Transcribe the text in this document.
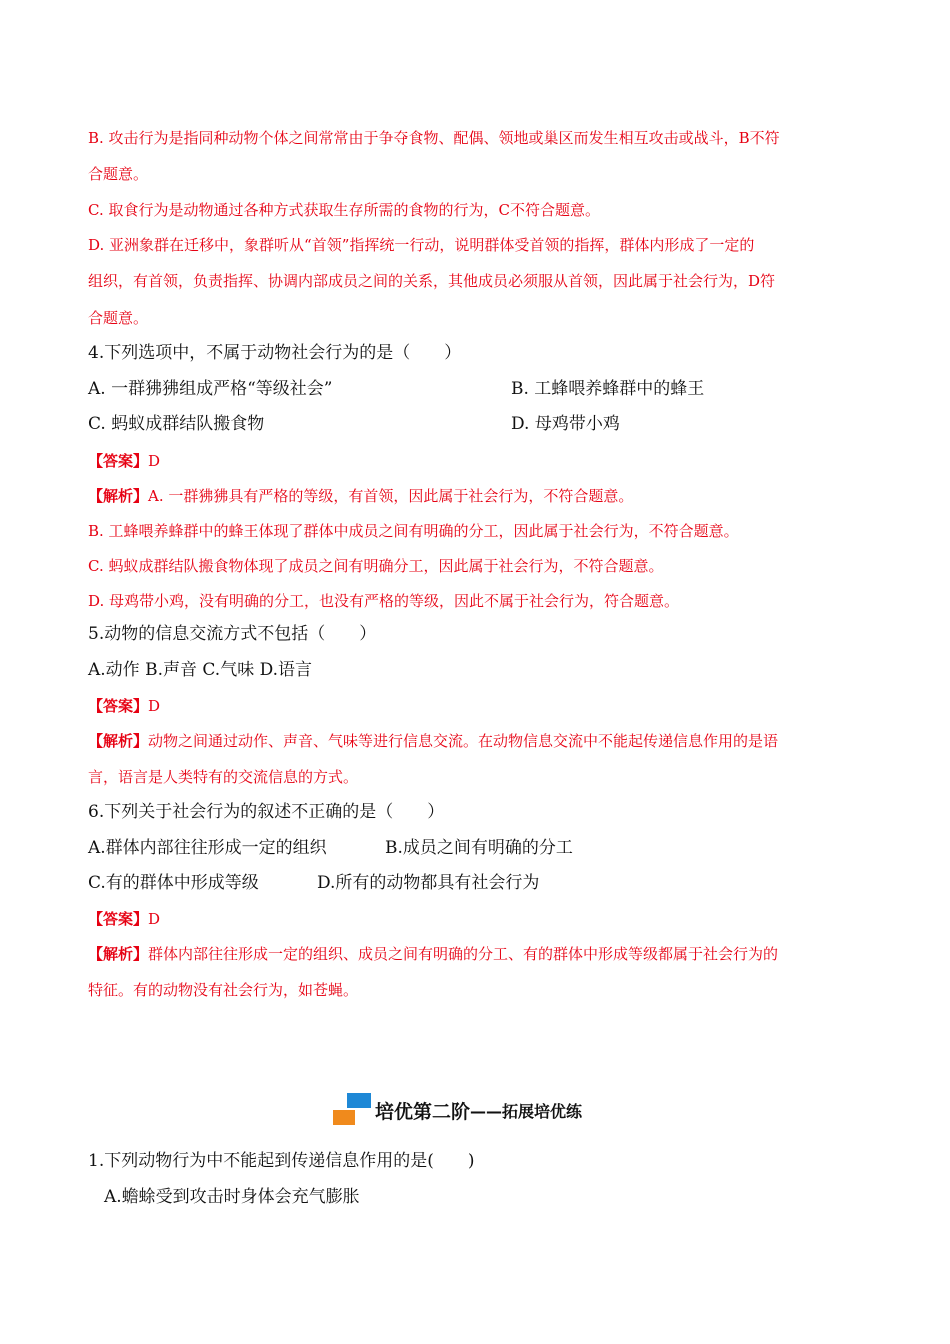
B. 攻击行为是指同种动物个体之间常常由于争夺食物、配偶、领地或巢区而发生相互攻击或战斗，B不符
合题意。
C. 取食行为是动物通过各种方式获取生存所需的食物的行为，C不符合题意。
D. 亚洲象群在迁移中，象群听从“首领”指挥统一行动，说明群体受首领的指挥，群体内形成了一定的
组织，有首领，负责指挥、协调内部成员之间的关系，其他成员必须服从首领，因此属于社会行为，D符
合题意。
4.下列选项中，不属于动物社会行为的是（　　）
A. 一群狒狒组成严格“等级社会”	B. 工蜂喂养蜂群中的蜂王
C. 蚂蚁成群结队搬食物	D. 母鸡带小鸡
【答案】D
【解析】A. 一群狒狒具有严格的等级，有首领，因此属于社会行为，不符合题意。
B. 工蜂喂养蜂群中的蜂王体现了群体中成员之间有明确的分工，因此属于社会行为，不符合题意。
C. 蚂蚁成群结队搬食物体现了成员之间有明确分工，因此属于社会行为，不符合题意。
D. 母鸡带小鸡，没有明确的分工，也没有严格的等级，因此不属于社会行为，符合题意。
5.动物的信息交流方式不包括（　　）
A.动作 B.声音 C.气味 D.语言
【答案】D
【解析】动物之间通过动作、声音、气味等进行信息交流。在动物信息交流中不能起传递信息作用的是语
言，语言是人类特有的交流信息的方式。
6.下列关于社会行为的叙述不正确的是（　　）
A.群体内部往往形成一定的组织	B.成员之间有明确的分工
C.有的群体中形成等级	D.所有的动物都具有社会行为
【答案】D
【解析】群体内部往往形成一定的组织、成员之间有明确的分工、有的群体中形成等级都属于社会行为的
特征。有的动物没有社会行为，如苍蝇。
培优第二阶 ——拓展培优练
1.下列动物行为中不能起到传递信息作用的是(　　)
A.蟾蜍受到攻击时身体会充气膨胀
